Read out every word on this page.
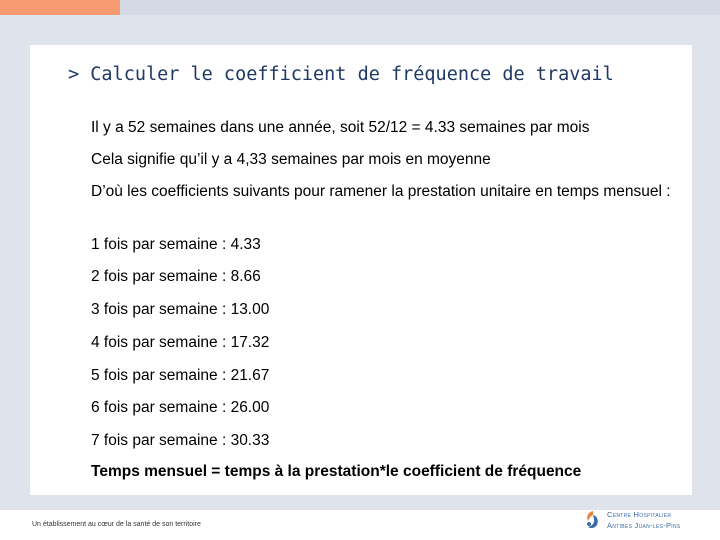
> Calculer le coefficient de fréquence de travail

Il y a 52 semaines dans une année, soit 52/12 = 4.33 semaines par mois

Cela signifie qu’il y a 4,33 semaines par mois en moyenne

D’où les coefficients suivants pour ramener la prestation unitaire en temps mensuel :

1 fois par semaine : 4.33

2 fois par semaine : 8.66

3 fois par semaine : 13.00

4 fois par semaine : 17.32

5 fois par semaine : 21.67

6 fois par semaine : 26.00

7 fois par semaine : 30.33

Temps mensuel = temps à la prestation*le coefficient de fréquence

Un établissement au cœur de la santé de son territoire
Centre Hospitalier
Antibes Juan-les-Pins
